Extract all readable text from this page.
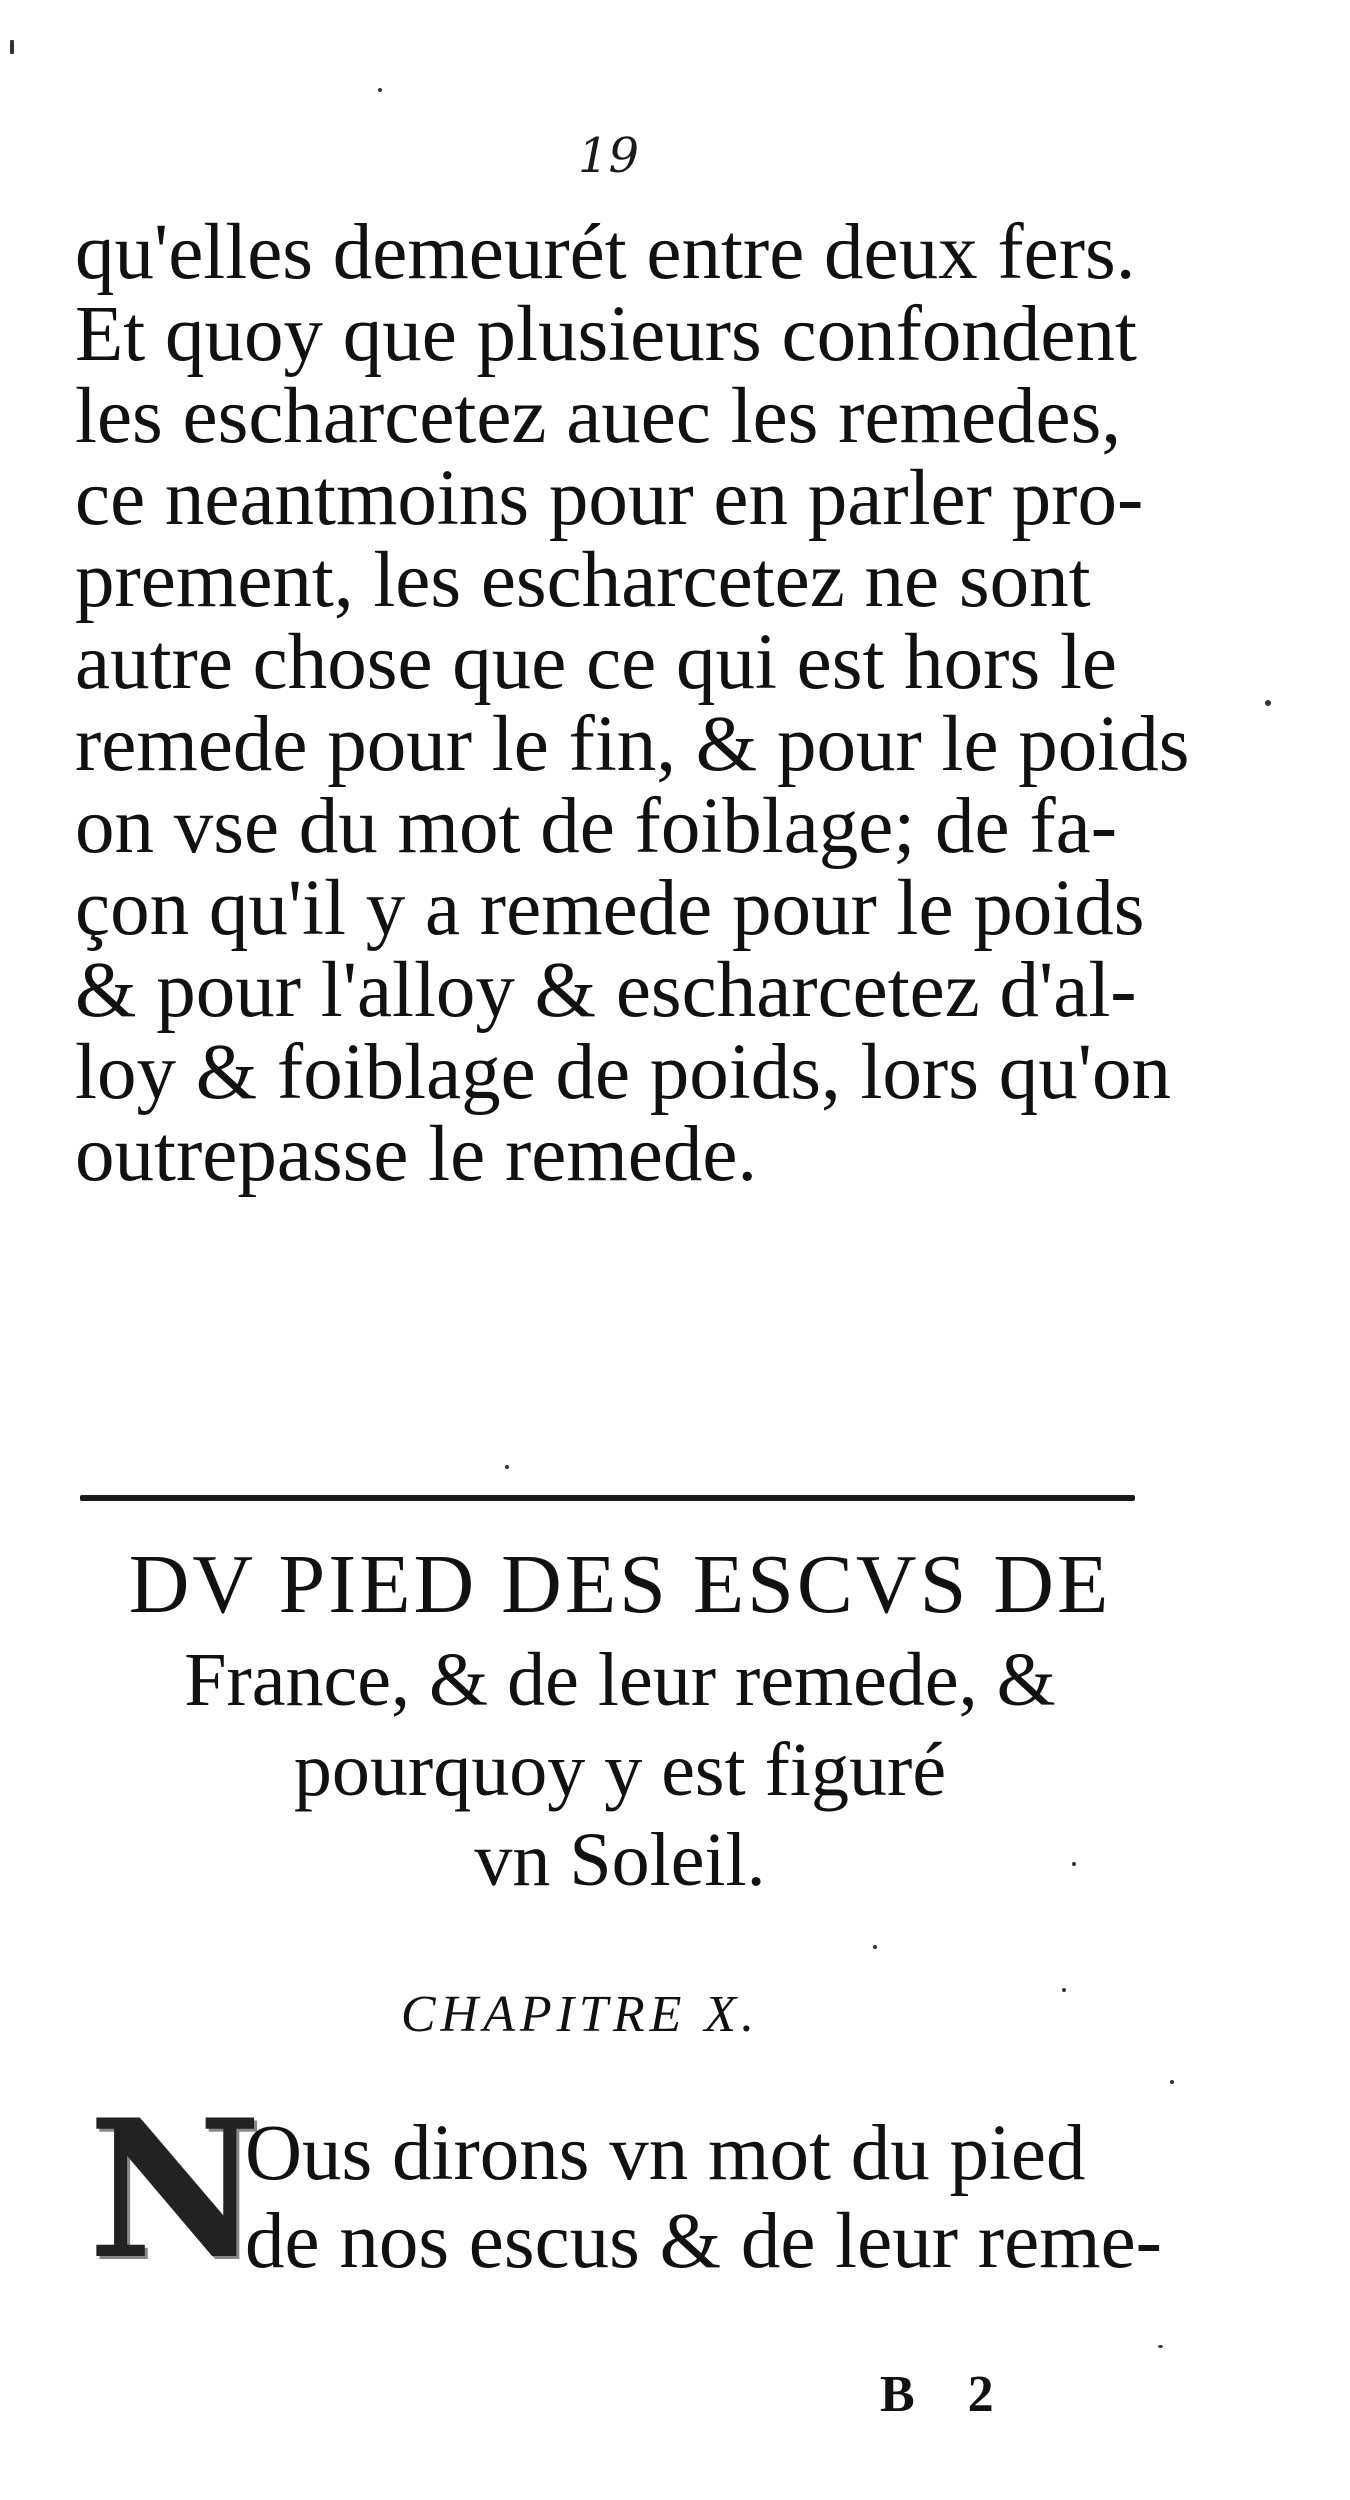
19
qu'elles demeurét entre deux fers.
Et quoy que plusieurs confondent
les escharcetez auec les remedes,
ce neantmoins pour en parler pro-
prement, les escharcetez ne sont
autre chose que ce qui est hors le
remede pour le fin, & pour le poids
on vse du mot de foiblage; de fa-
çon qu'il y a remede pour le poids
& pour l'alloy & escharcetez d'al-
loy & foiblage de poids, lors qu'on
outrepasse le remede.
DV PIED DES ESCVS DE
France, & de leur remede, &
pourquoy y est figuré
vn Soleil.
CHAPITRE X.
N
Ous dirons vn mot du pied
de nos escus & de leur reme-
B 2
